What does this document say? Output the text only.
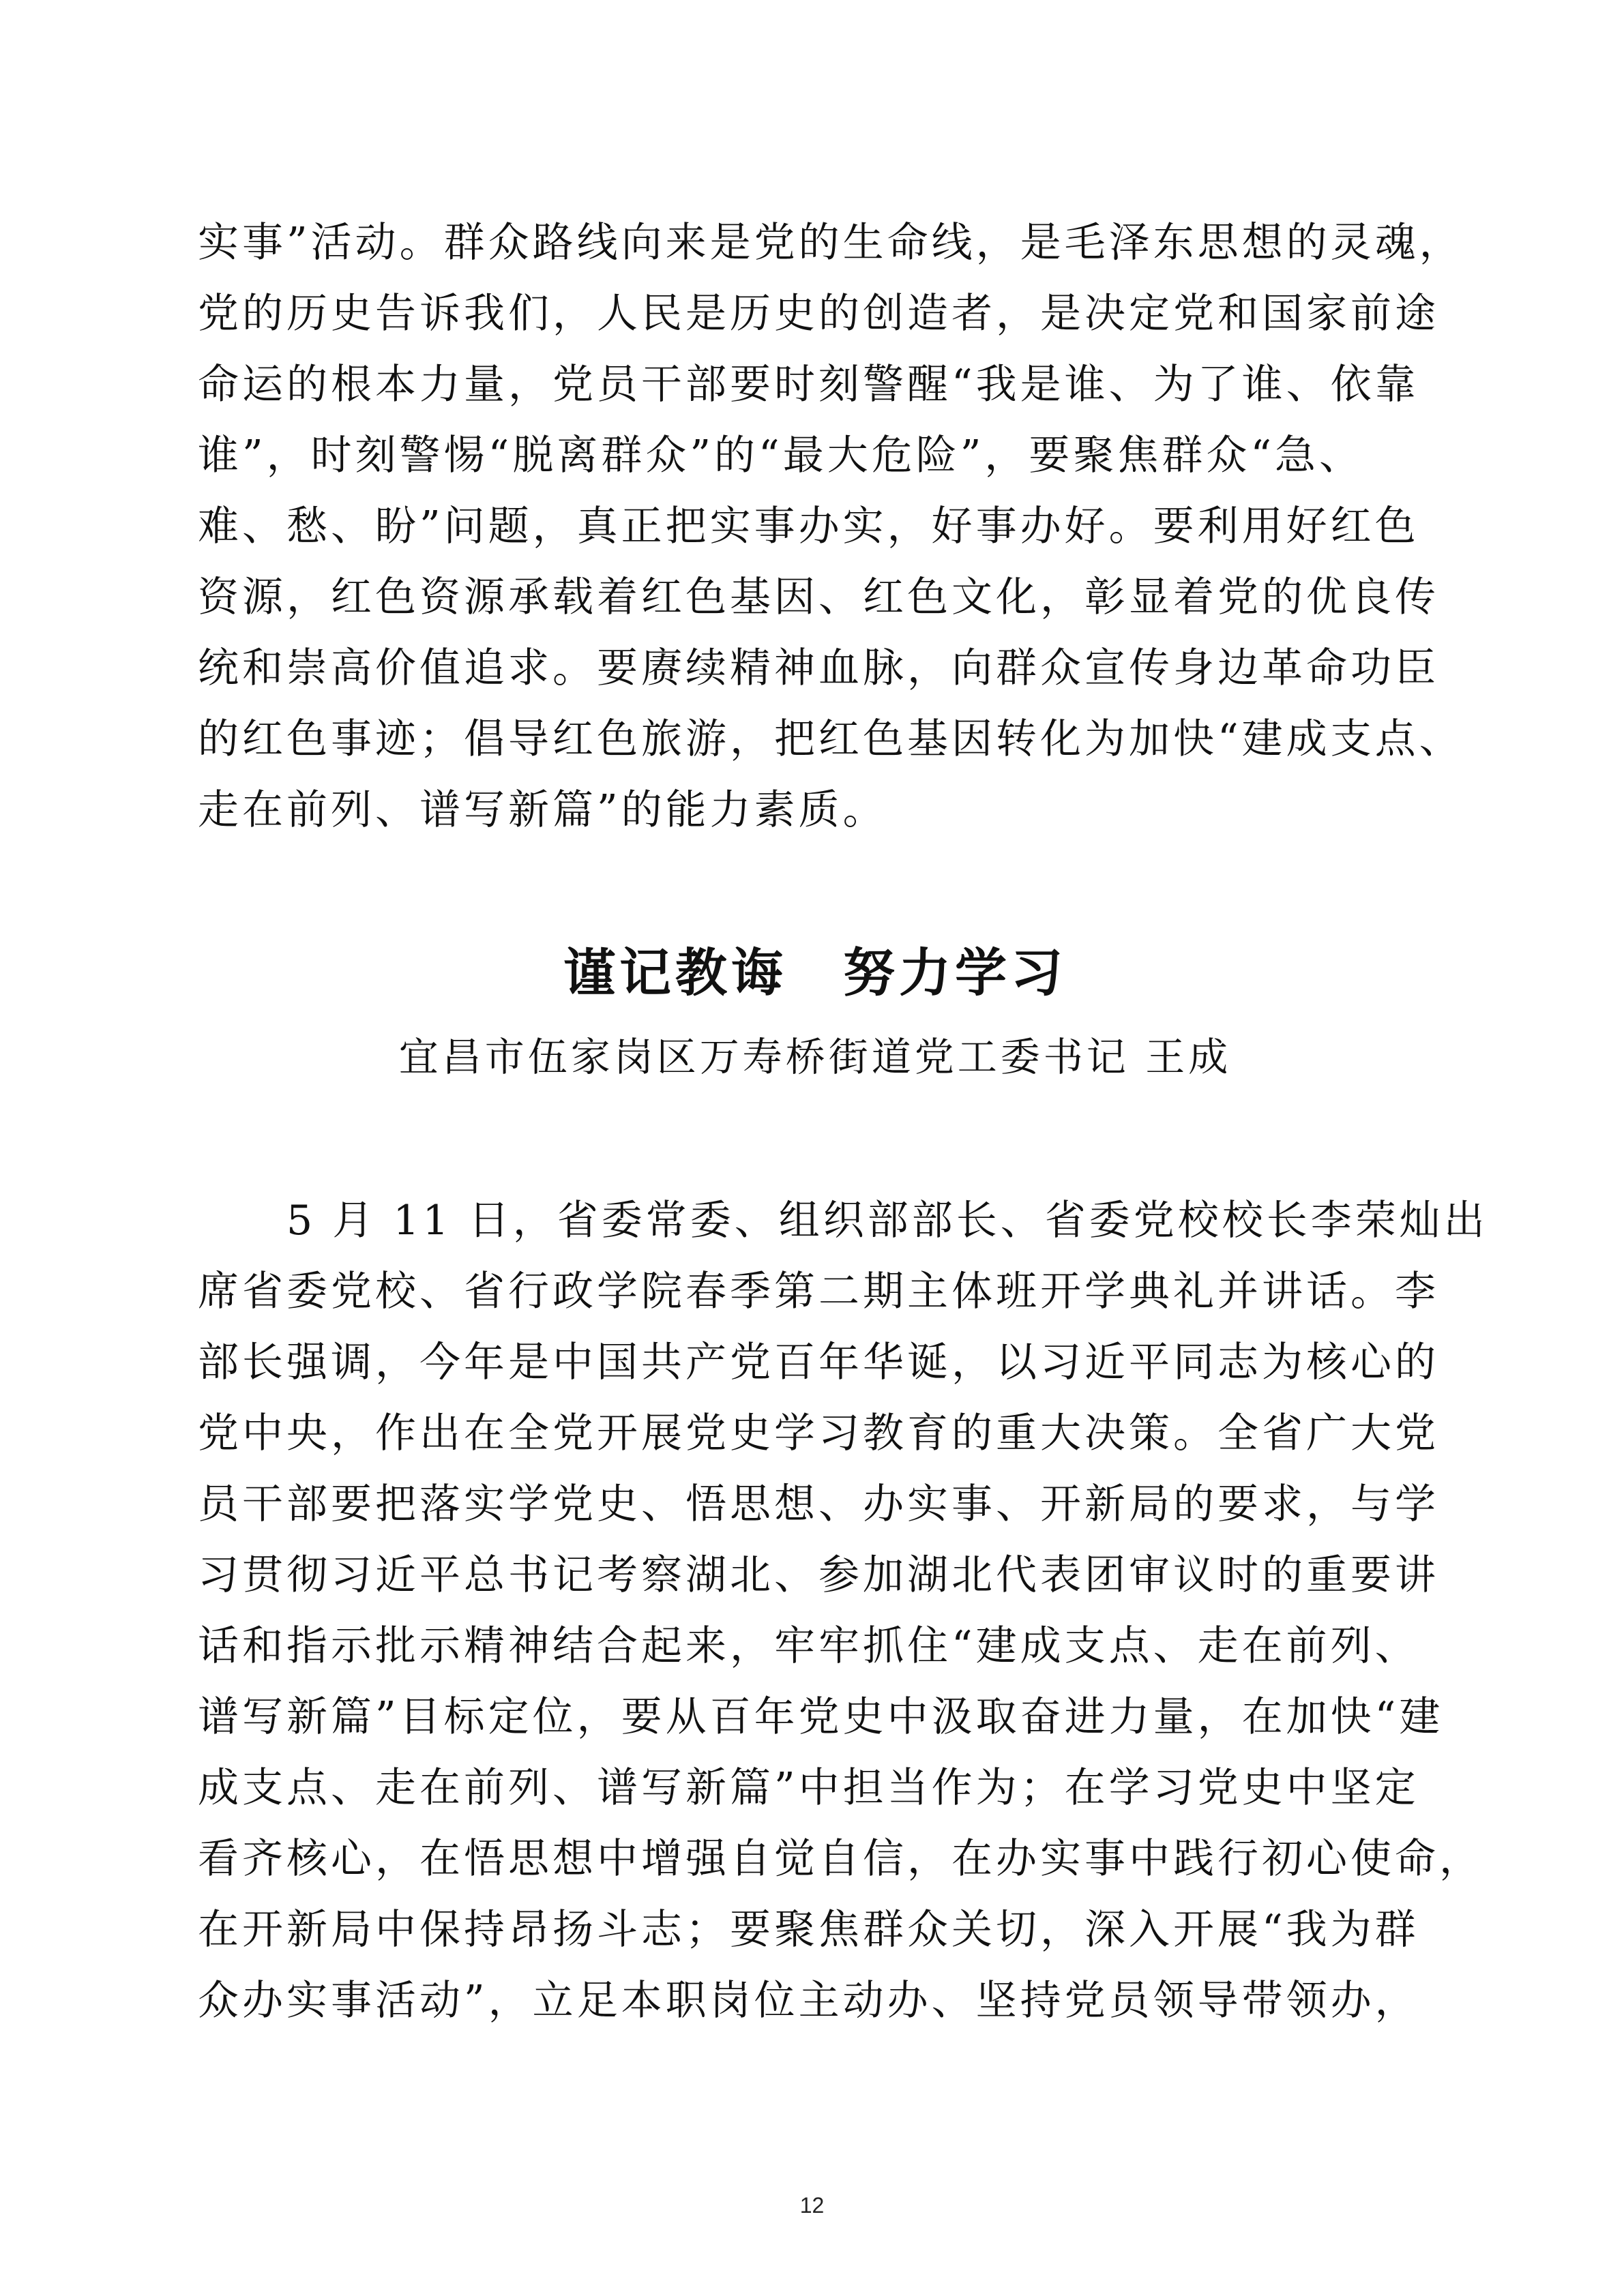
实事”活动。群众路线向来是党的生命线，是毛泽东思想的灵魂，
党的历史告诉我们，人民是历史的创造者，是决定党和国家前途
命运的根本力量，党员干部要时刻警醒“我是谁、为了谁、依靠
谁”，时刻警惕“脱离群众”的“最大危险”，要聚焦群众“急、
难、愁、盼”问题，真正把实事办实，好事办好。要利用好红色
资源，红色资源承载着红色基因、红色文化，彰显着党的优良传
统和崇高价值追求。要赓续精神血脉，向群众宣传身边革命功臣
的红色事迹；倡导红色旅游，把红色基因转化为加快“建成支点、
走在前列、谱写新篇”的能力素质。
谨记教诲　努力学习
宜昌市伍家岗区万寿桥街道党工委书记 王成
　　5 月 11 日，省委常委、组织部部长、省委党校校长李荣灿出
席省委党校、省行政学院春季第二期主体班开学典礼并讲话。李
部长强调，今年是中国共产党百年华诞，以习近平同志为核心的
党中央，作出在全党开展党史学习教育的重大决策。全省广大党
员干部要把落实学党史、悟思想、办实事、开新局的要求，与学
习贯彻习近平总书记考察湖北、参加湖北代表团审议时的重要讲
话和指示批示精神结合起来，牢牢抓住“建成支点、走在前列、
谱写新篇”目标定位，要从百年党史中汲取奋进力量，在加快“建
成支点、走在前列、谱写新篇”中担当作为；在学习党史中坚定
看齐核心，在悟思想中增强自觉自信，在办实事中践行初心使命，
在开新局中保持昂扬斗志；要聚焦群众关切，深入开展“我为群
众办实事活动”，立足本职岗位主动办、坚持党员领导带领办，
12
